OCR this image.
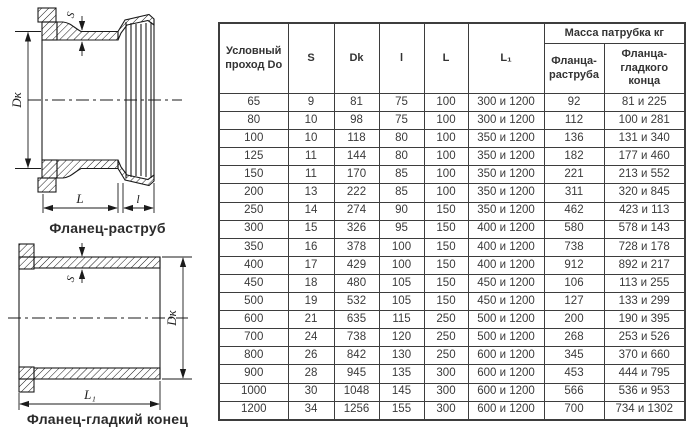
Dк
S
L	l
Фланец-раструб
Dк
S
L₁
Фланец-гладкий конец
Условный проход Do	S	Dk	l	L	L₁	Масса патрубка кг	
						Фланца-раструба	Фланца-гладкого конца
65	9	81	75	100	300 и 1200	92	81 и 225
80	10	98	75	100	300 и 1200	112	100 и 281
100	10	118	80	100	350 и 1200	136	131 и 340
125	11	144	80	100	350 и 1200	182	177 и 460
150	11	170	85	100	350 и 1200	221	213 и 552
200	13	222	85	100	350 и 1200	311	320 и 845
250	14	274	90	150	350 и 1200	462	423 и 113
300	15	326	95	150	400 и 1200	580	578 и 143
350	16	378	100	150	400 и 1200	738	728 и 178
400	17	429	100	150	400 и 1200	912	892 и 217
450	18	480	105	150	450 и 1200	106	113 и 255
500	19	532	105	150	450 и 1200	127	133 и 299
600	21	635	115	250	500 и 1200	200	190 и 395
700	24	738	120	250	500 и 1200	268	253 и 526
800	26	842	130	250	600 и 1200	345	370 и 660
900	28	945	135	300	600 и 1200	453	444 и 795
1000	30	1048	145	300	600 и 1200	566	536 и 953
1200	34	1256	155	300	600 и 1200	700	734 и 1302
